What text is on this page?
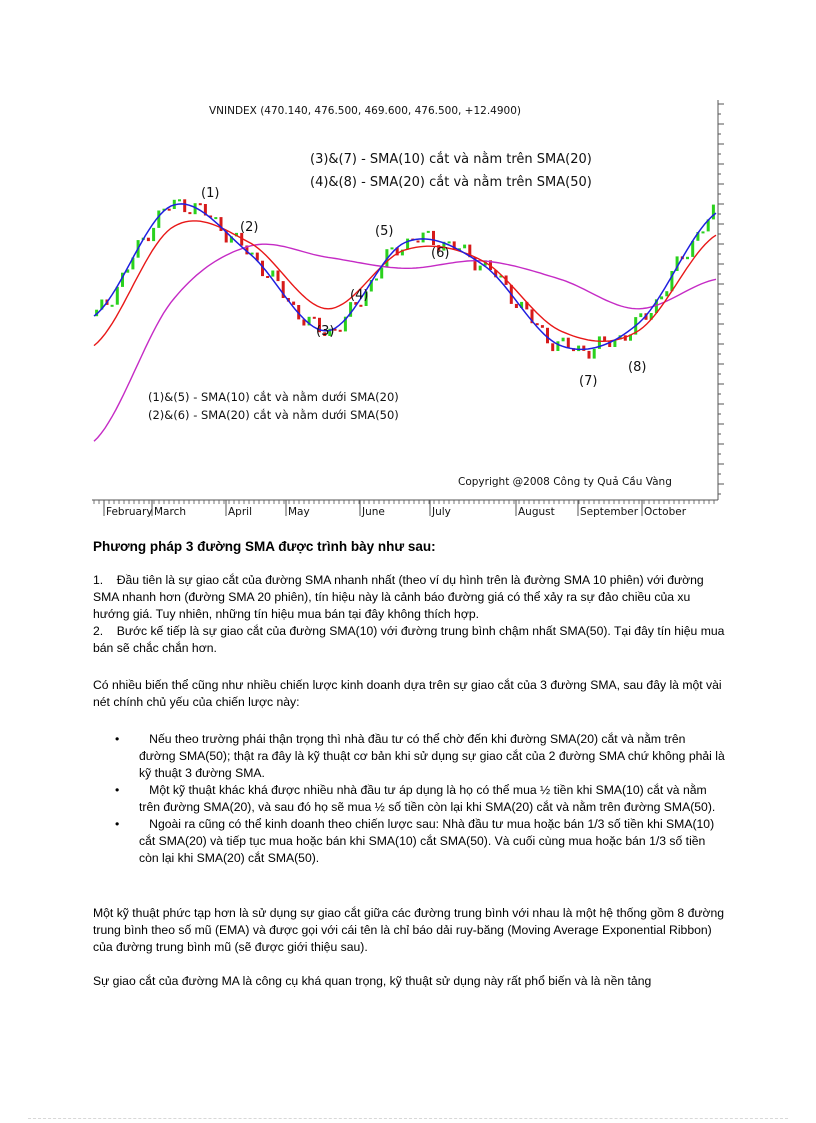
February March	April	May	June	July	August September October
VNINDEX (470.140, 476.500, 469.600, 476.500, +12.4900)
(3)&(7) - SMA(10) cắt và nằm trên SMA(20)
(4)&(8) - SMA(20) cắt và nằm trên SMA(50)
(1)&(5) - SMA(10) cắt và nằm dưới SMA(20)
(2)&(6) - SMA(20) cắt và nằm dưới SMA(50)
(1)
(2)
(3)
(4)
(5)
(6)
(7)
(8)
Copyright @2008 Công ty Quả Cầu Vàng
Phương pháp 3 đường SMA được trình bày như sau:

1.    Đầu tiên là sự giao cắt của đường SMA nhanh nhất (theo ví dụ hình trên là đường SMA 10 phiên) với đường SMA nhanh hơn (đường SMA 20 phiên), tín hiệu này là cảnh báo đường giá có thể xảy ra sự đảo chiều của xu hướng giá. Tuy nhiên, những tín hiệu mua bán tại đây không thích hợp.

2.    Bước kế tiếp là sự giao cắt của đường SMA(10) với đường trung bình chậm nhất SMA(50). Tại đây tín hiệu mua bán sẽ chắc chắn hơn.

Có nhiều biến thể cũng như nhiều chiến lược kinh doanh dựa trên sự giao cắt của 3 đường SMA, sau đây là một vài nét chính chủ yếu của chiến lược này:

• Nếu theo trường phái thận trọng thì nhà đầu tư có thể chờ đến khi đường SMA(20) cắt và nằm trên đường SMA(50); thật ra đây là kỹ thuật cơ bản khi sử dụng sự giao cắt của 2 đường SMA chứ không phải là kỹ thuật 3 đường SMA.
• Một kỹ thuật khác khá được nhiều nhà đầu tư áp dụng là họ có thể mua ½ tiền khi SMA(10) cắt và nằm trên đường SMA(20), và sau đó họ sẽ mua ½ số tiền còn lại khi SMA(20) cắt và nằm trên đường SMA(50).
• Ngoài ra cũng có thể kinh doanh theo chiến lược sau: Nhà đầu tư mua hoặc bán 1/3 số tiền khi SMA(10) cắt SMA(20) và tiếp tục mua hoặc bán khi SMA(10) cắt SMA(50). Và cuối cùng mua hoặc bán 1/3 số tiền còn lại khi SMA(20) cắt SMA(50).

Một kỹ thuật phức tạp hơn là sử dụng sự giao cắt giữa các đường trung bình với nhau là một hệ thống gồm 8 đường trung bình theo số mũ (EMA) và được gọi với cái tên là chỉ báo dải ruy-băng (Moving Average Exponential Ribbon) của đường trung bình mũ (sẽ được giới thiệu sau).

Sự giao cắt của đường MA là công cụ khá quan trọng, kỹ thuật sử dụng này rất phổ biến và là nền tảng
